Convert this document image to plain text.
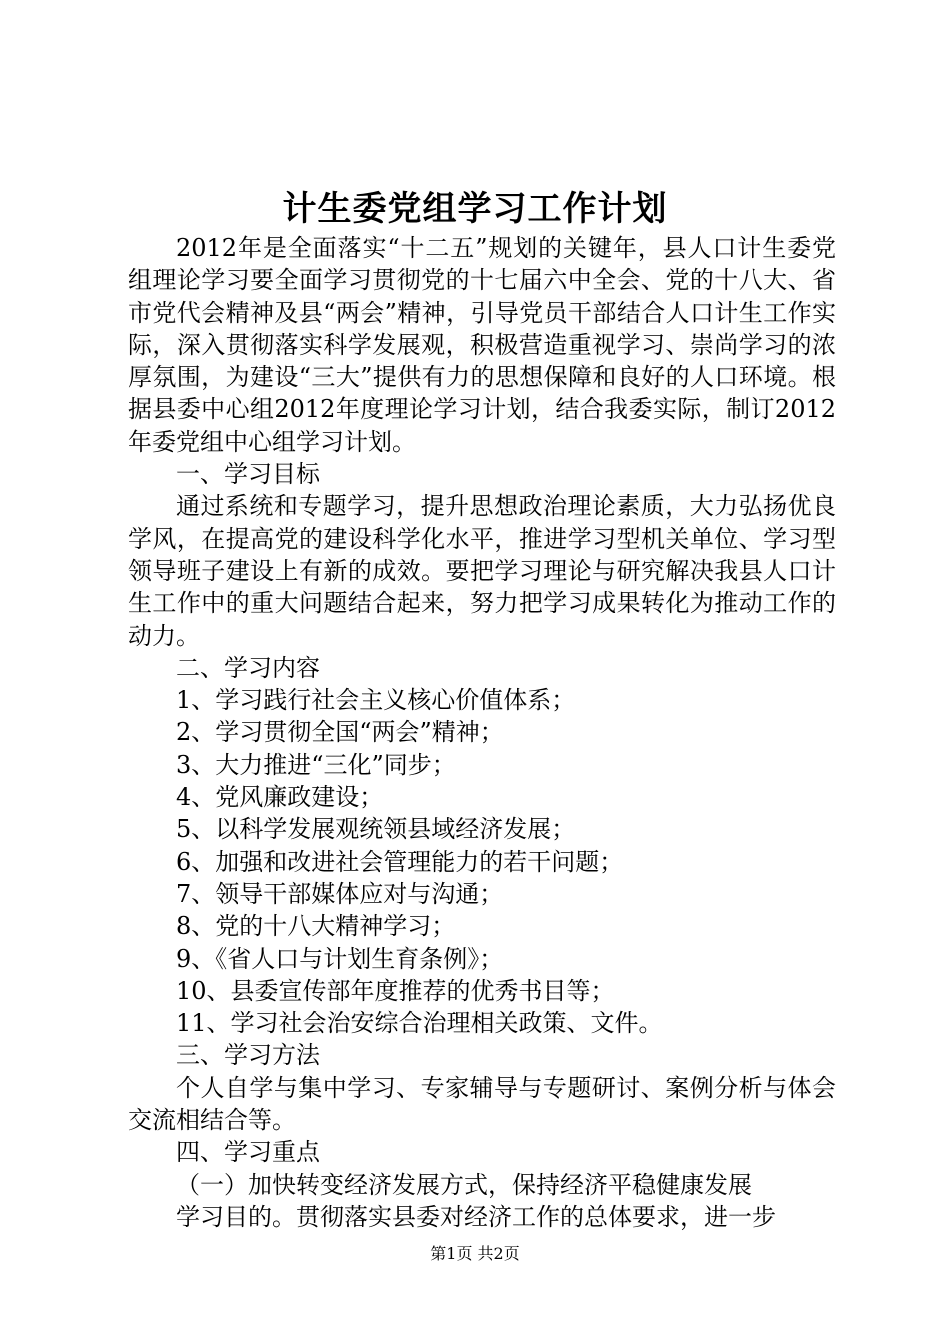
计生委党组学习工作计划

2012年是全面落实“十二五”规划的关键年，县人口计生委党组理论学习要全面学习贯彻党的十七届六中全会、党的十八大、省市党代会精神及县“两会”精神，引导党员干部结合人口计生工作实际，深入贯彻落实科学发展观，积极营造重视学习、崇尚学习的浓厚氛围，为建设“三大”提供有力的思想保障和良好的人口环境。根据县委中心组2012年度理论学习计划，结合我委实际，制订2012年委党组中心组学习计划。

一、学习目标

通过系统和专题学习，提升思想政治理论素质，大力弘扬优良学风，在提高党的建设科学化水平，推进学习型机关单位、学习型领导班子建设上有新的成效。要把学习理论与研究解决我县人口计生工作中的重大问题结合起来，努力把学习成果转化为推动工作的动力。

二、学习内容

1、学习践行社会主义核心价值体系；

2、学习贯彻全国“两会”精神；

3、大力推进“三化”同步；

4、党风廉政建设；

5、以科学发展观统领县域经济发展；

6、加强和改进社会管理能力的若干问题；

7、领导干部媒体应对与沟通；

8、党的十八大精神学习；

9、《省人口与计划生育条例》；

10、县委宣传部年度推荐的优秀书目等；

11、学习社会治安综合治理相关政策、文件。

三、学习方法

个人自学与集中学习、专家辅导与专题研讨、案例分析与体会交流相结合等。

四、学习重点

（一）加快转变经济发展方式，保持经济平稳健康发展

学习目的。贯彻落实县委对经济工作的总体要求，进一步

第1页 共2页
